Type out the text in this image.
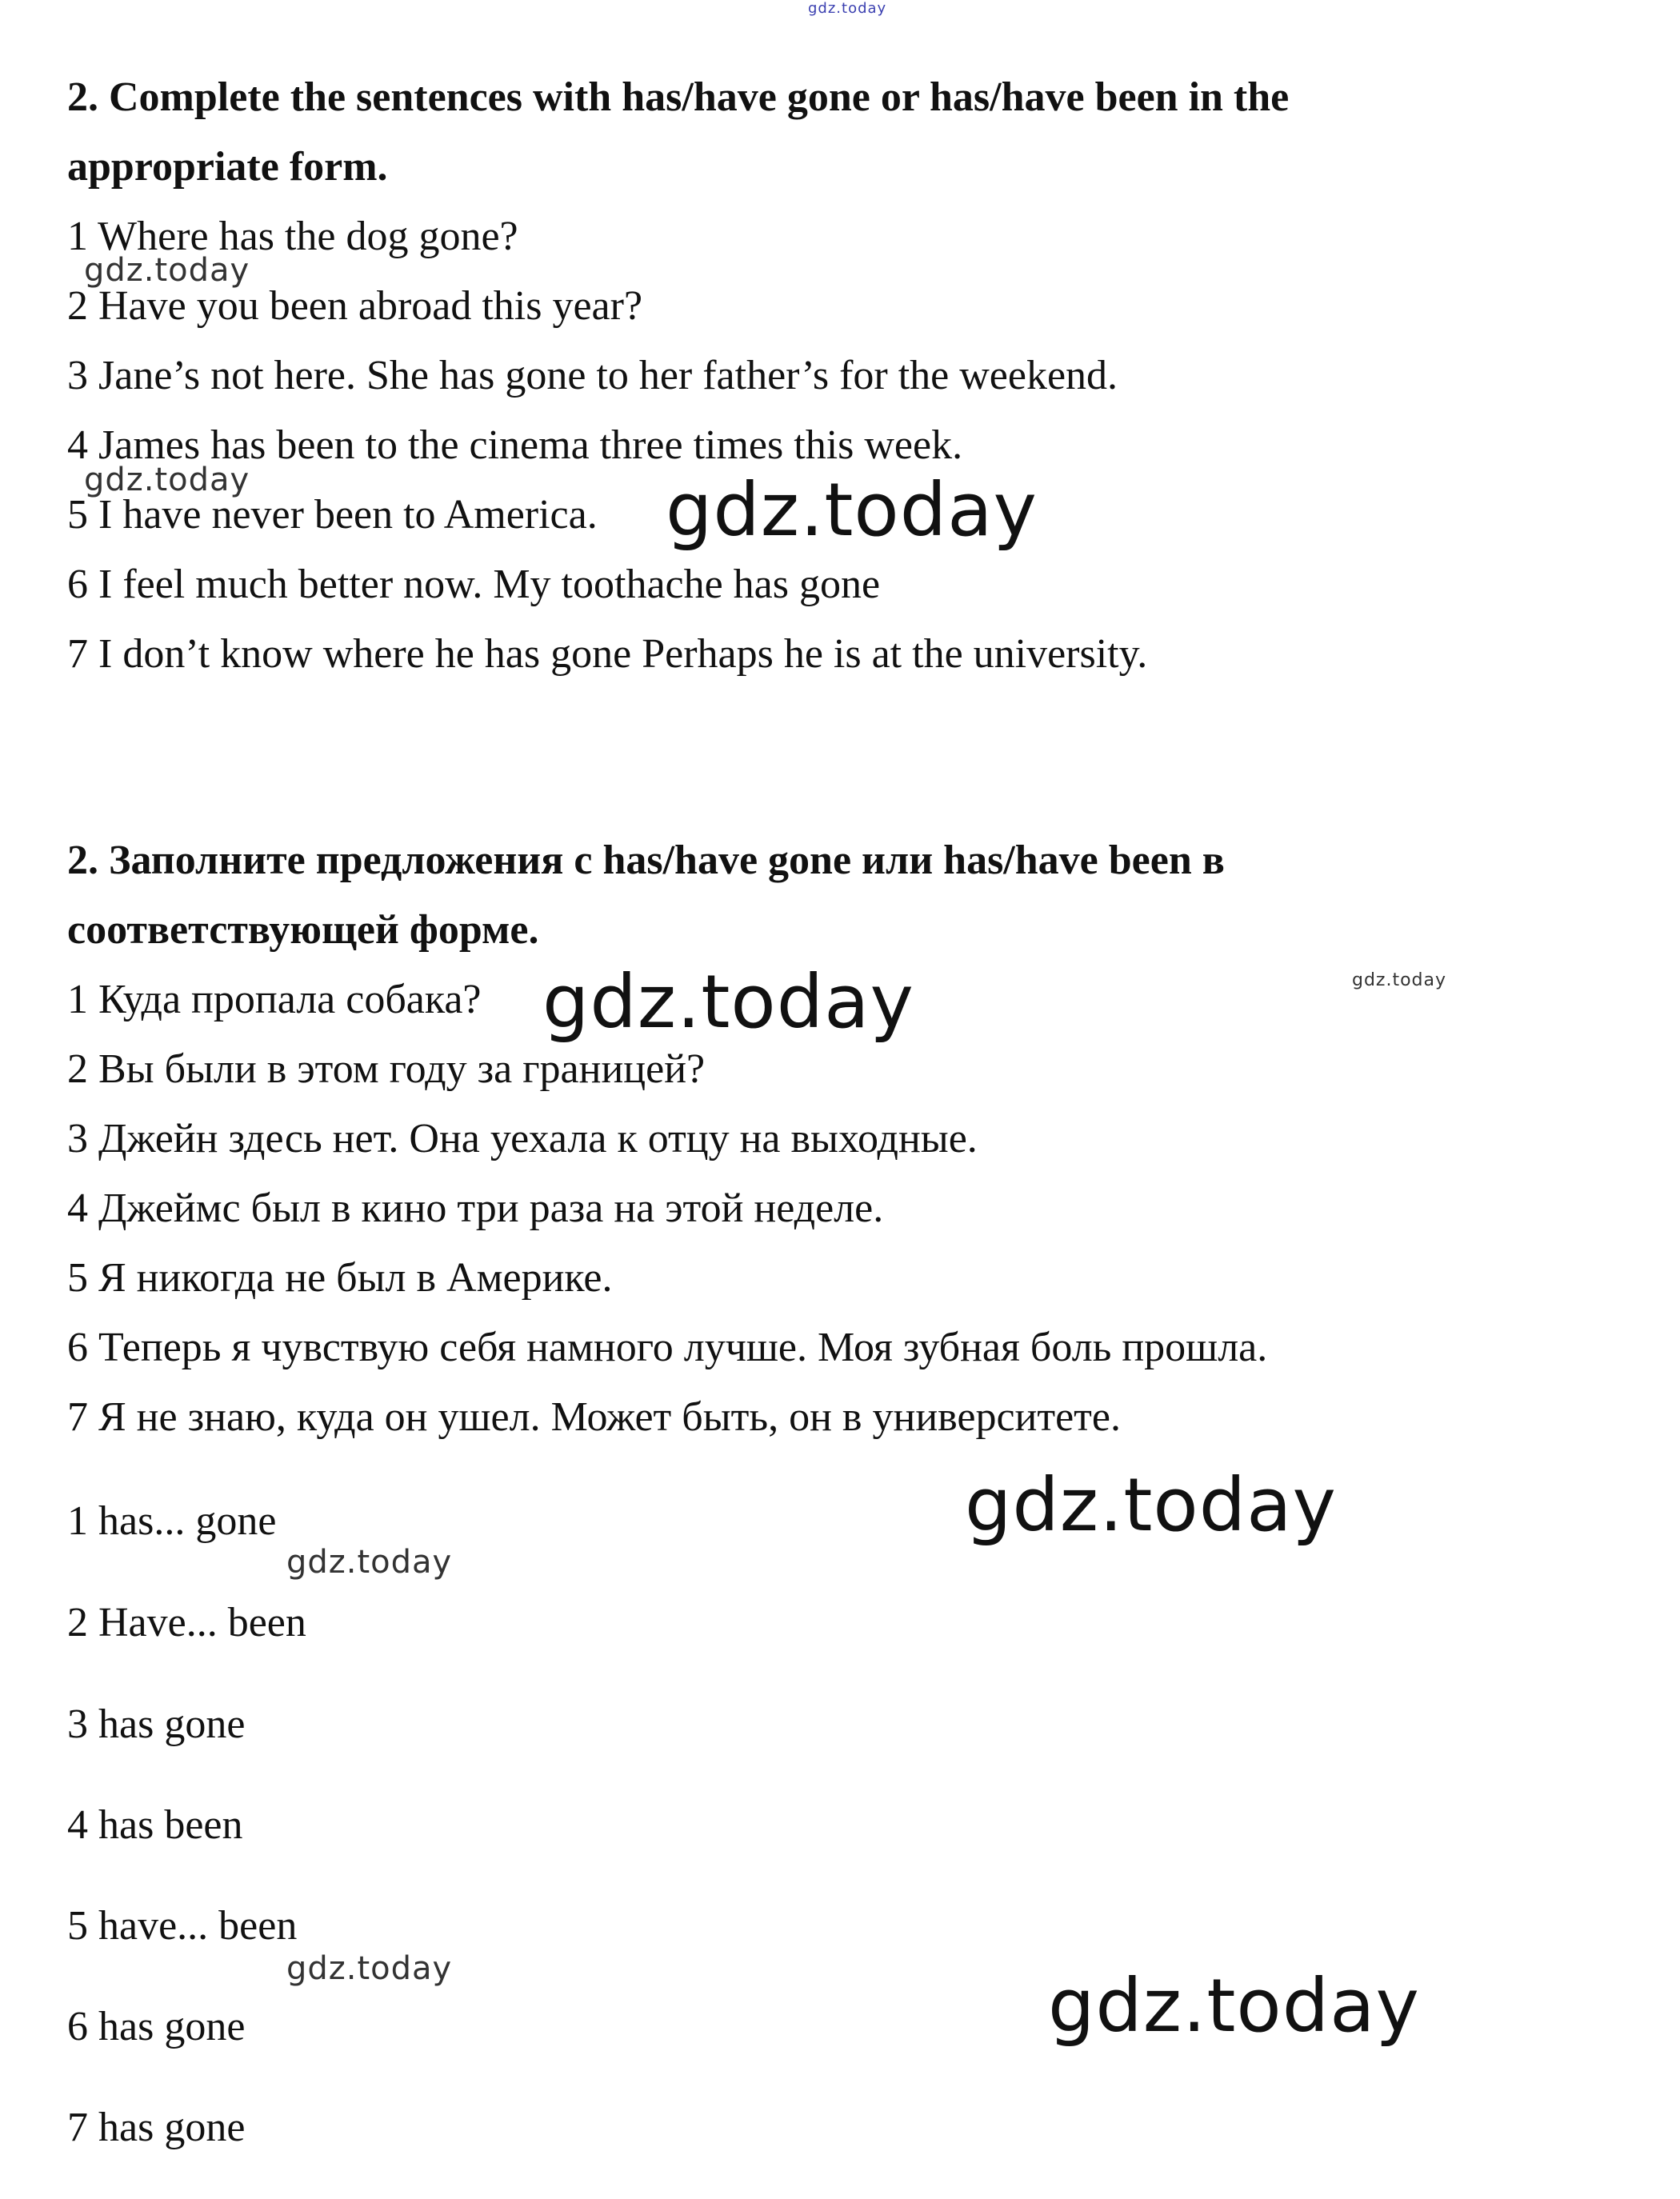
gdz.today
2. Complete the sentences with has/have gone or has/have been in the
appropriate form.
1 Where has the dog gone?
2 Have you been abroad this year?
3 Jane’s not here. She has gone to her father’s for the weekend.
4 James has been to the cinema three times this week.
5 I have never been to America.
6 I feel much better now. My toothache has gone
7 I don’t know where he has gone Perhaps he is at the university.
2. Заполните предложения с has/have gone или has/have been в
соответствующей форме.
1 Куда пропала собака?
2 Вы были в этом году за границей?
3 Джейн здесь нет. Она уехала к отцу на выходные.
4 Джеймс был в кино три раза на этой неделе.
5 Я никогда не был в Америке.
6 Теперь я чувствую себя намного лучше. Моя зубная боль прошла.
7 Я не знаю, куда он ушел. Может быть, он в университете.
1 has... gone
2 Have... been
3 has gone
4 has been
5 have... been
6 has gone
7 has gone
gdz.today
gdz.today	gdz.today
gdz.today
gdz.today
gdz.today
gdz.today
gdz.today	gdz.today
